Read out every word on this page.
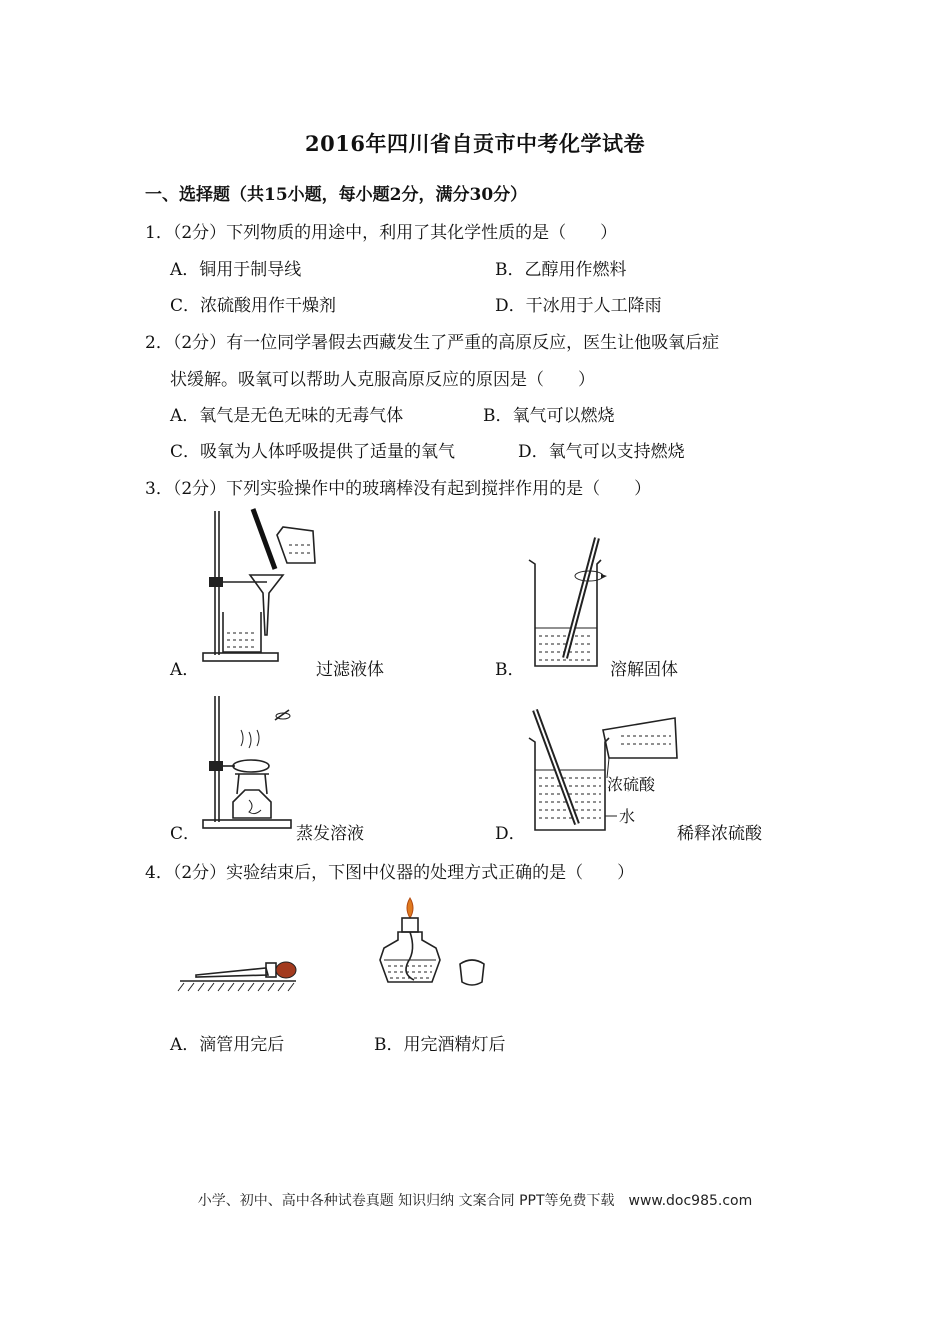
2016年四川省自贡市中考化学试卷
一、选择题（共15小题，每小题2分，满分30分）
1．（2分）下列物质的用途中，利用了其化学性质的是（　　）
A．铜用于制导线	B．乙醇用作燃料
C．浓硫酸用作干燥剂	D．干冰用于人工降雨
2．（2分）有一位同学暑假去西藏发生了严重的高原反应，医生让他吸氧后症
状缓解。吸氧可以帮助人克服高原反应的原因是（　　）
A．氧气是无色无味的无毒气体	B．氧气可以燃烧
C．吸氧为人体呼吸提供了适量的氧气	D．氧气可以支持燃烧
3．（2分）下列实验操作中的玻璃棒没有起到搅拌作用的是（　　）
A．	过滤液体	B．	溶解固体
C．	蒸发溶液
浓硫酸
水
D．	稀释浓硫酸
4．（2分）实验结束后，下图中仪器的处理方式正确的是（　　）
A．滴管用完后	B．用完酒精灯后
小学、初中、高中各种试卷真题 知识归纳 文案合同 PPT等免费下载　www.doc985.com
